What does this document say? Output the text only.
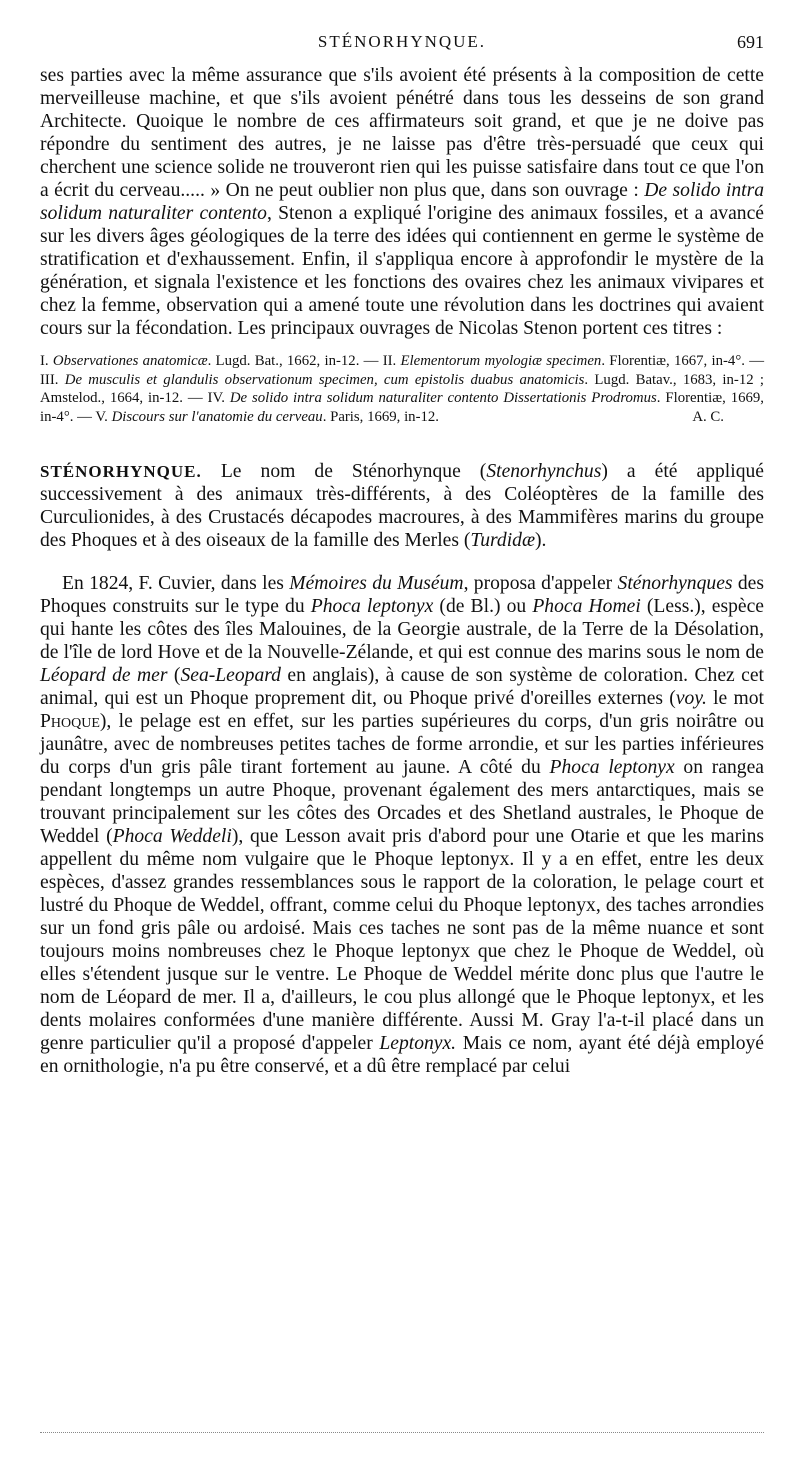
STÉNORHYNQUE.	691

ses parties avec la même assurance que s'ils avoient été présents à la composition de cette merveilleuse machine, et que s'ils avoient pénétré dans tous les desseins de son grand Architecte. Quoique le nombre de ces affirmateurs soit grand, et que je ne doive pas répondre du sentiment des autres, je ne laisse pas d'être très-persuadé que ceux qui cherchent une science solide ne trouveront rien qui les puisse satisfaire dans tout ce que l'on a écrit du cerveau..... » On ne peut oublier non plus que, dans son ouvrage : De solido intra solidum naturaliter contento, Stenon a expliqué l'origine des animaux fossiles, et a avancé sur les divers âges géologiques de la terre des idées qui contiennent en germe le système de stratification et d'exhaussement. Enfin, il s'appliqua encore à approfondir le mystère de la génération, et signala l'existence et les fonctions des ovaires chez les animaux vivipares et chez la femme, observation qui a amené toute une révolution dans les doctrines qui avaient cours sur la fécondation. Les principaux ouvrages de Nicolas Stenon portent ces titres :

I. Observationes anatomicæ. Lugd. Bat., 1662, in-12. — II. Elementorum myologiæ specimen. Florentiæ, 1667, in-4°. — III. De musculis et glandulis observationum specimen, cum epistolis duabus anatomicis. Lugd. Batav., 1683, in-12 ; Amstelod., 1664, in-12. — IV. De solido intra solidum naturaliter contento Dissertationis Prodromus. Florentiæ, 1669, in-4°. — V. Discours sur l'anatomie du cerveau. Paris, 1669, in-12.	A. C.

STÉNORHYNQUE. Le nom de Sténorhynque (Stenorhynchus) a été appliqué successivement à des animaux très-différents, à des Coléoptères de la famille des Curculionides, à des Crustacés décapodes macroures, à des Mammifères marins du groupe des Phoques et à des oiseaux de la famille des Merles (Turdidæ).

En 1824, F. Cuvier, dans les Mémoires du Muséum, proposa d'appeler Sténorhynques des Phoques construits sur le type du Phoca leptonyx (de Bl.) ou Phoca Homei (Less.), espèce qui hante les côtes des îles Malouines, de la Georgie australe, de la Terre de la Désolation, de l'île de lord Hove et de la Nouvelle-Zélande, et qui est connue des marins sous le nom de Léopard de mer (Sea-Leopard en anglais), à cause de son système de coloration. Chez cet animal, qui est un Phoque proprement dit, ou Phoque privé d'oreilles externes (voy. le mot Phoque), le pelage est en effet, sur les parties supérieures du corps, d'un gris noirâtre ou jaunâtre, avec de nombreuses petites taches de forme arrondie, et sur les parties inférieures du corps d'un gris pâle tirant fortement au jaune. A côté du Phoca leptonyx on rangea pendant longtemps un autre Phoque, provenant également des mers antarctiques, mais se trouvant principalement sur les côtes des Orcades et des Shetland australes, le Phoque de Weddel (Phoca Weddeli), que Lesson avait pris d'abord pour une Otarie et que les marins appellent du même nom vulgaire que le Phoque leptonyx. Il y a en effet, entre les deux espèces, d'assez grandes ressemblances sous le rapport de la coloration, le pelage court et lustré du Phoque de Weddel, offrant, comme celui du Phoque leptonyx, des taches arrondies sur un fond gris pâle ou ardoisé. Mais ces taches ne sont pas de la même nuance et sont toujours moins nombreuses chez le Phoque leptonyx que chez le Phoque de Weddel, où elles s'étendent jusque sur le ventre. Le Phoque de Weddel mérite donc plus que l'autre le nom de Léopard de mer. Il a, d'ailleurs, le cou plus allongé que le Phoque leptonyx, et les dents molaires conformées d'une manière différente. Aussi M. Gray l'a-t-il placé dans un genre particulier qu'il a proposé d'appeler Leptonyx. Mais ce nom, ayant été déjà employé en ornithologie, n'a pu être conservé, et a dû être remplacé par celui
